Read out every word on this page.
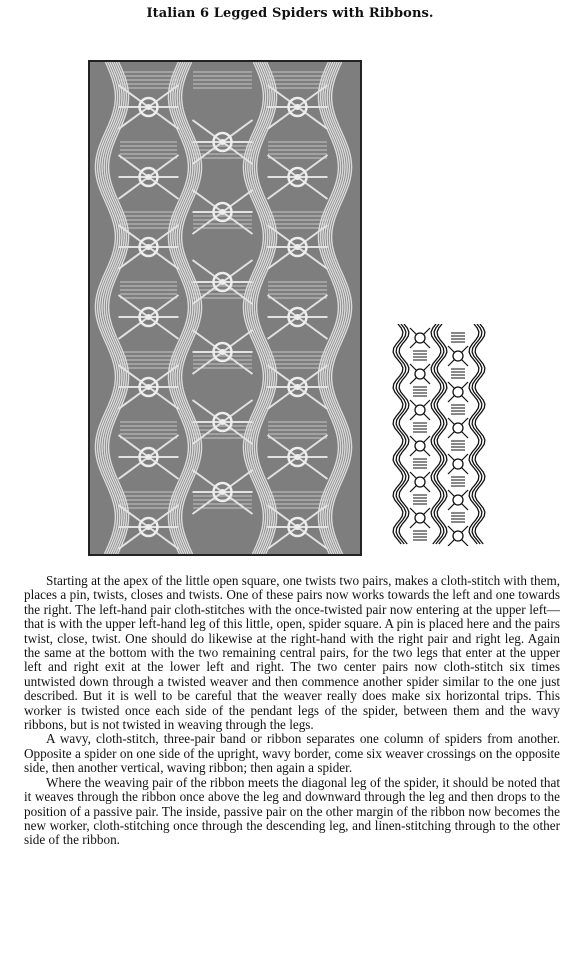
Italian 6 Legged Spiders with Ribbons.

Starting at the apex of the little open square, one twists two pairs, makes a cloth-stitch with them, places a pin, twists, closes and twists. One of these pairs now works towards the left and one towards the right. The left-hand pair cloth-stitches with the once-twisted pair now entering at the upper left—that is with the upper left-hand leg of this little, open, spider square. A pin is placed here and the pairs twist, close, twist. One should do likewise at the right-hand with the right pair and right leg. Again the same at the bottom with the two remaining central pairs, for the two legs that enter at the upper left and right exit at the lower left and right. The two center pairs now cloth-stitch six times untwisted down through a twisted weaver and then commence another spider similar to the one just described. But it is well to be careful that the weaver really does make six horizontal trips. This worker is twisted once each side of the pendant legs of the spider, between them and the wavy ribbons, but is not twisted in weaving through the legs.

A wavy, cloth-stitch, three-pair band or ribbon separates one column of spiders from another. Opposite a spider on one side of the upright, wavy border, come six weaver crossings on the opposite side, then another vertical, waving ribbon; then again a spider.

Where the weaving pair of the ribbon meets the diagonal leg of the spider, it should be noted that it weaves through the ribbon once above the leg and downward through the leg and then drops to the position of a passive pair. The inside, passive pair on the other margin of the ribbon now becomes the new worker, cloth-stitching once through the descending leg, and linen-stitching through to the other side of the ribbon.
